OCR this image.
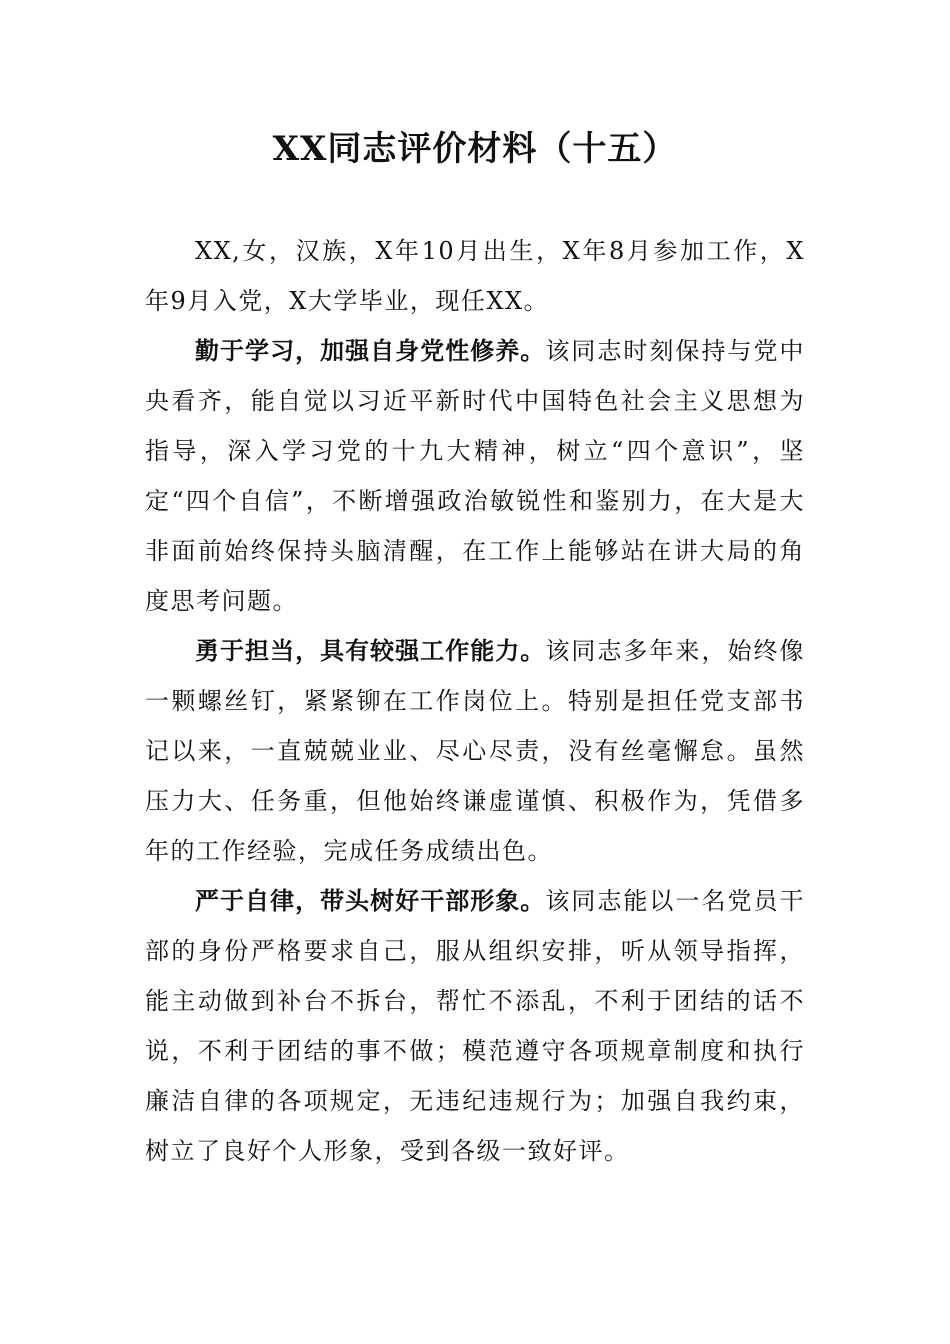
XX同志评价材料（十五）

XX,女，汉族，X年10月出生，X年8月参加工作，X年9月入党，X大学毕业，现任XX。

勤于学习，加强自身党性修养。该同志时刻保持与党中央看齐，能自觉以习近平新时代中国特色社会主义思想为指导，深入学习党的十九大精神，树立“四个意识”，坚定“四个自信”，不断增强政治敏锐性和鉴别力，在大是大非面前始终保持头脑清醒，在工作上能够站在讲大局的角度思考问题。

勇于担当，具有较强工作能力。该同志多年来，始终像一颗螺丝钉，紧紧铆在工作岗位上。特别是担任党支部书记以来，一直兢兢业业、尽心尽责，没有丝毫懈怠。虽然压力大、任务重，但他始终谦虚谨慎、积极作为，凭借多年的工作经验，完成任务成绩出色。

严于自律，带头树好干部形象。该同志能以一名党员干部的身份严格要求自己，服从组织安排，听从领导指挥，能主动做到补台不拆台，帮忙不添乱，不利于团结的话不说，不利于团结的事不做；模范遵守各项规章制度和执行廉洁自律的各项规定，无违纪违规行为；加强自我约束，树立了良好个人形象，受到各级一致好评。
